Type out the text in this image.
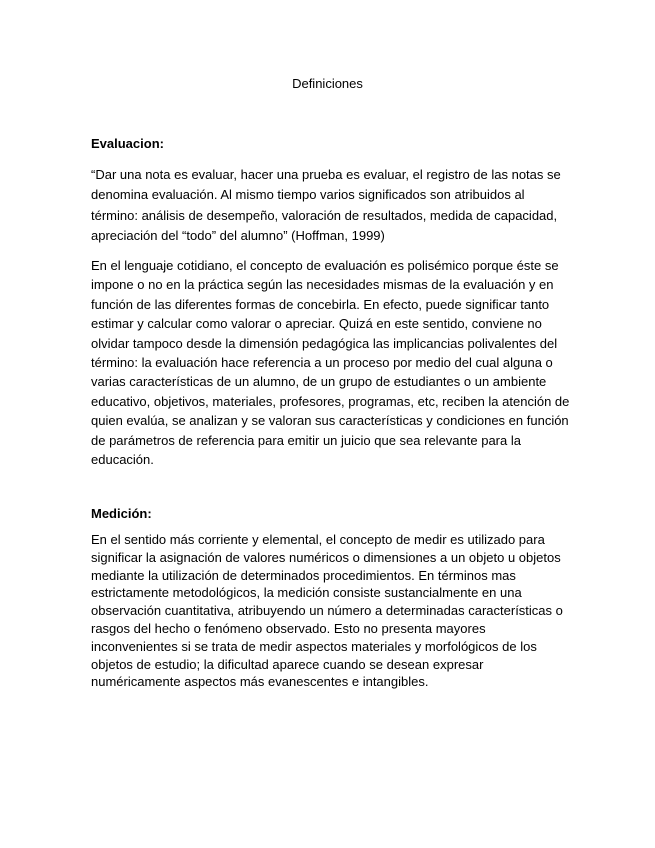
Definiciones
Evaluacion:
“Dar una nota es evaluar, hacer una prueba es evaluar, el registro de las notas se
denomina evaluación. Al mismo tiempo varios significados son atribuidos al
término: análisis de desempeño, valoración de resultados, medida de capacidad,
apreciación del “todo” del alumno” (Hoffman, 1999)
En el lenguaje cotidiano, el concepto de evaluación es polisémico porque éste se
impone o no en la práctica según las necesidades mismas de la evaluación y en
función de las diferentes formas de concebirla. En efecto, puede significar tanto
estimar y calcular como valorar o apreciar. Quizá en este sentido, conviene no
olvidar tampoco desde la dimensión pedagógica las implicancias polivalentes del
término: la evaluación hace referencia a un proceso por medio del cual alguna o
varias características de un alumno, de un grupo de estudiantes o un ambiente
educativo, objetivos, materiales, profesores, programas, etc, reciben la atención de
quien evalúa, se analizan y se valoran sus características y condiciones en función
de parámetros de referencia para emitir un juicio que sea relevante para la
educación.
Medición:
En el sentido más corriente y elemental, el concepto de medir es utilizado para
significar la asignación de valores numéricos o dimensiones a un objeto u objetos
mediante la utilización de determinados procedimientos. En términos mas
estrictamente metodológicos, la medición consiste sustancialmente en una
observación cuantitativa, atribuyendo un número a determinadas características o
rasgos del hecho o fenómeno observado. Esto no presenta mayores
inconvenientes si se trata de medir aspectos materiales y morfológicos de los
objetos de estudio; la dificultad aparece cuando se desean expresar
numéricamente aspectos más evanescentes e intangibles.
